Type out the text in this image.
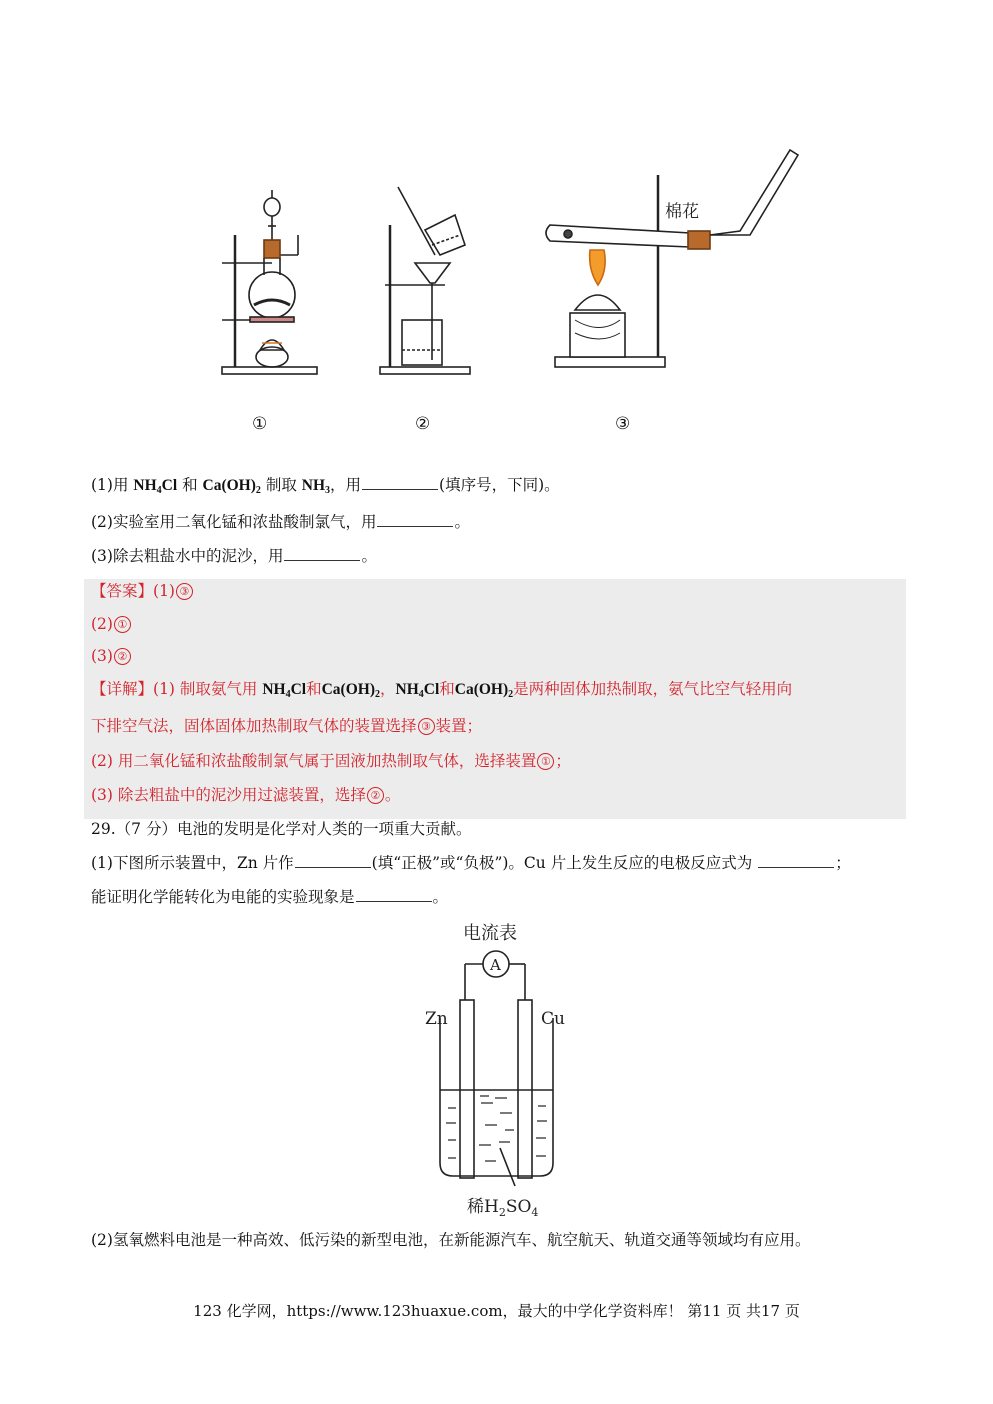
棉花
①	②	③
(1)用 $NH_4Cl$ 和 $Ca(OH)_2$ 制取 $NH_3$，用	(填序号，下同)。
(2)实验室用二氧化锰和浓盐酸制氯气，用	。
(3)除去粗盐水中的泥沙，用	。
【答案】(1) ③
(2) ①
(3) ②
【详解】(1) 制取氨气用 $NH_4Cl$和$Ca(OH)_2$，$NH_4Cl$和$Ca(OH)_2$是两种固体加热制取，氨气比空气轻用向
下排空气法，固体固体加热制取气体的装置选择 ③ 装置；
(2) 用二氧化锰和浓盐酸制氯气属于固液加热制取气体，选择装置 ① ；
(3) 除去粗盐中的泥沙用过滤装置，选择 ② 。
29.（7 分）电池的发明是化学对人类的一项重大贡献。
(1)下图所示装置中，Zn 片作	(填“正极”或“负极”)。Cu 片上发生反应的电极反应式为	；
能证明化学能转化为电能的实验现象是	。
电流表
A
Zn	Cu
稀$H_2SO_4$
(2)氢氧燃料电池是一种高效、低污染的新型电池，在新能源汽车、航空航天、轨道交通等领域均有应用。
123 化学网，https://www.123huaxue.com，最大的中学化学资料库！ 第11 页 共17 页
